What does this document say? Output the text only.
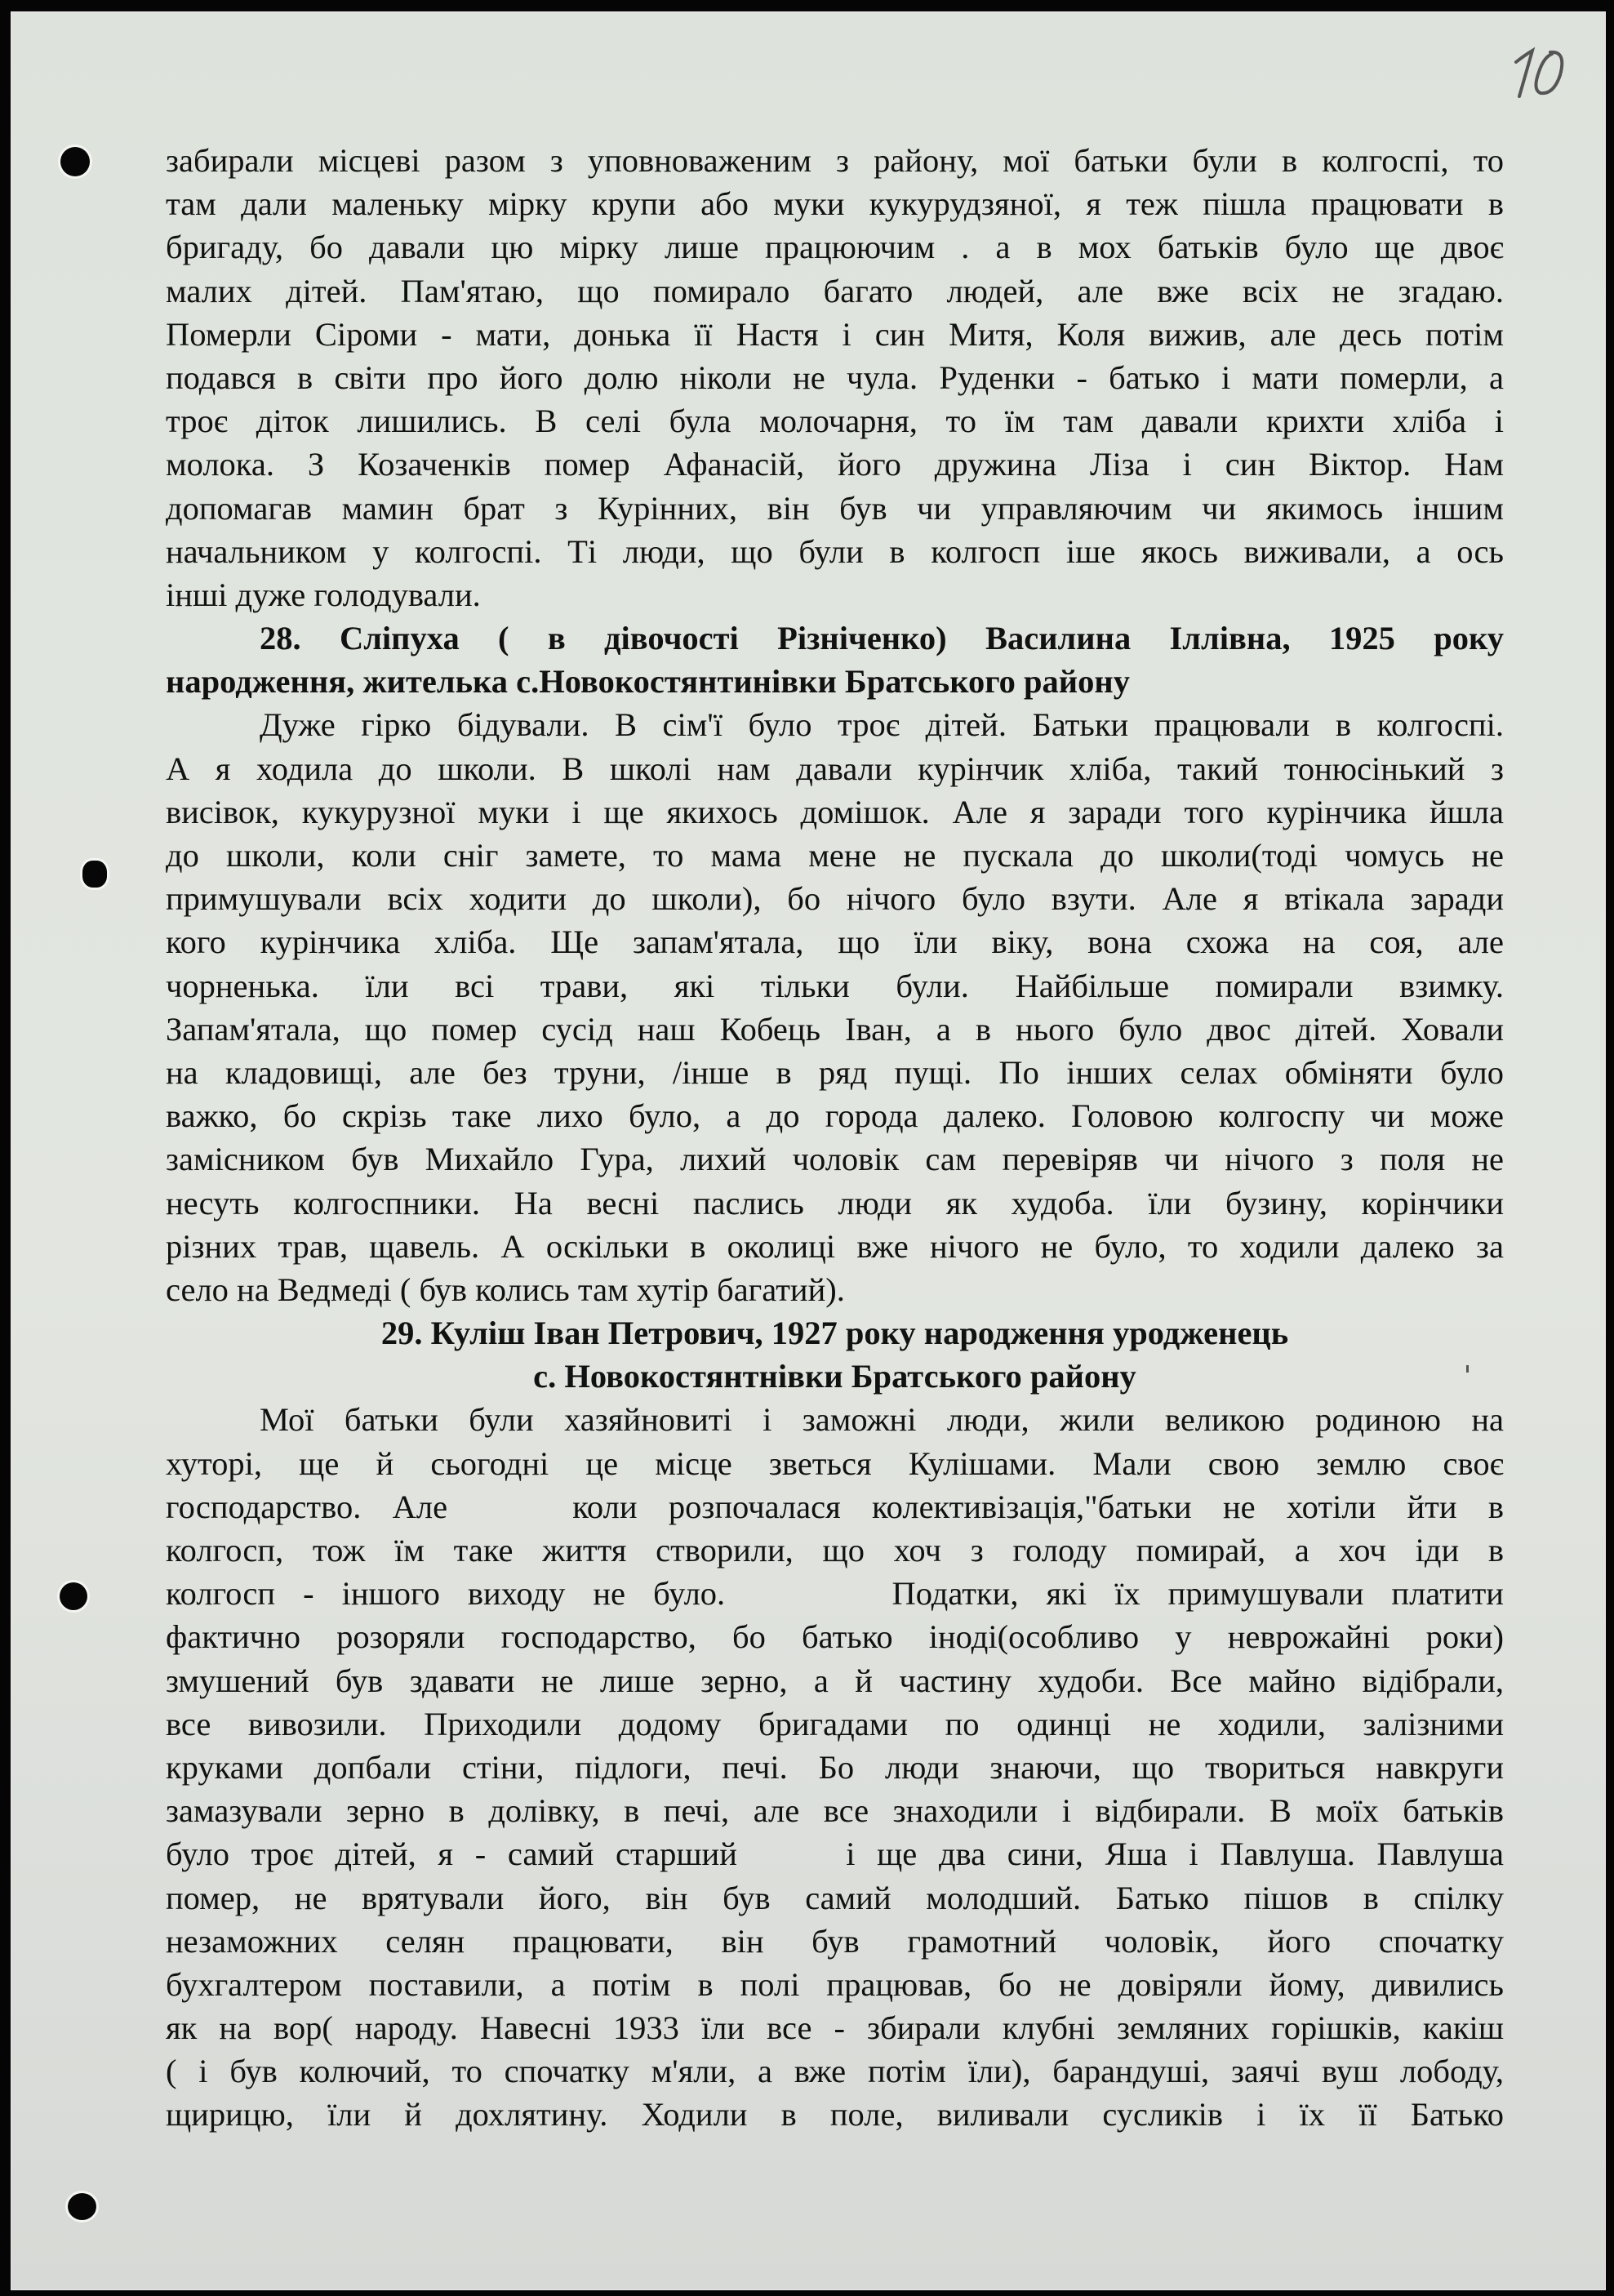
забирали місцеві разом з уповноваженим з району, мої батьки були в колгоспі, то
там дали маленьку мірку крупи або муки кукурудзяної, я теж пішла працювати в
бригаду, бо давали цю мірку лише працюючим . а в мох батьків було ще двоє
малих дітей. Пам'ятаю, що помирало багато людей, але вже всіх не згадаю.
Померли Сіроми - мати, донька її Настя і син Митя, Коля вижив, але десь потім
подався в світи про його долю ніколи не чула. Руденки - батько і мати померли, а
троє діток лишились. В селі була молочарня, то їм там давали крихти хліба і
молока. З Козаченків помер Афанасій, його дружина Ліза і син Віктор. Нам
допомагав мамин брат з Курінних, він був чи управляючим чи якимось іншим
начальником у колгоспі. Ті люди, що були в колгосп іше якось виживали, а ось
інші дуже голодували.
28. Сліпуха ( в дівочості Різніченко) Василина Іллівна, 1925 року
народження, жителька с.Новокостянтинівки Братського району
Дуже гірко бідували. В сім'ї було троє дітей. Батьки працювали в колгоспі.
А я ходила до школи. В школі нам давали курінчик хліба, такий тонюсінький з
висівок, кукурузної муки і ще якихось домішок. Але я заради того курінчика йшла
до школи, коли сніг замете, то мама мене не пускала до школи(тоді чомусь не
примушували всіх ходити до школи), бо нічого було взути. Але я втікала заради
кого курінчика хліба. Ще запам'ятала, що їли віку, вона схожа на соя, але
чорненька. їли всі трави, які тільки були. Найбільше помирали взимку.
Запам'ятала, що помер сусід наш Кобець Іван, а в нього було двос дітей. Ховали
на кладовищі, але без труни, /інше в ряд пущі. По інших селах обміняти було
важко, бо скрізь таке лихо було, а до города далеко. Головою колгоспу чи може
замісником був Михайло Гура, лихий чоловік сам перевіряв чи нічого з поля не
несуть колгоспники. На весні паслись люди як худоба. їли бузину, корінчики
різних трав, щавель. А оскільки в околиці вже нічого не було, то ходили далеко за
село на Ведмеді ( був колись там хутір багатий).
29. Куліш Іван Петрович, 1927 року народження уродженець
с. Новокостянтнівки Братського району
Мої батьки були хазяйновиті і заможні люди, жили великою родиною на
хуторі, ще й сьогодні це місце зветься Кулішами. Мали свою землю своє
господарство. Але    коли розпочалася колективізація,"батьки не хотіли йти в
колгосп, тож їм таке життя створили, що хоч з голоду помирай, а хоч іди в
колгосп - іншого виходу не було.      Податки, які їх примушували платити
фактично розоряли господарство, бо батько іноді(особливо у неврожайні роки)
змушений був здавати не лише зерно, а й частину худоби. Все майно відібрали,
все вивозили. Приходили додому бригадами по одинці не ходили, залізними
круками допбали стіни, підлоги, печі. Бо люди знаючи, що твориться навкруги
замазували зерно в долівку, в печі, але все знаходили і відбирали. В моїх батьків
було троє дітей, я - самий старший     і ще два сини, Яша і Павлуша. Павлуша
помер, не врятували його, він був самий молодший. Батько пішов в спілку
незаможних селян працювати, він був грамотний чоловік, його спочатку
бухгалтером поставили, а потім в полі працював, бо не довіряли йому, дивились
як на вор( народу. Навесні 1933 їли все - збирали клубні земляних горішків, какіш
( і був колючий, то спочатку м'яли, а вже потім їли), барандуші, заячі вуш лободу,
щирицю, їли й дохлятину. Ходили в поле, виливали сусликів і їх її Батько
